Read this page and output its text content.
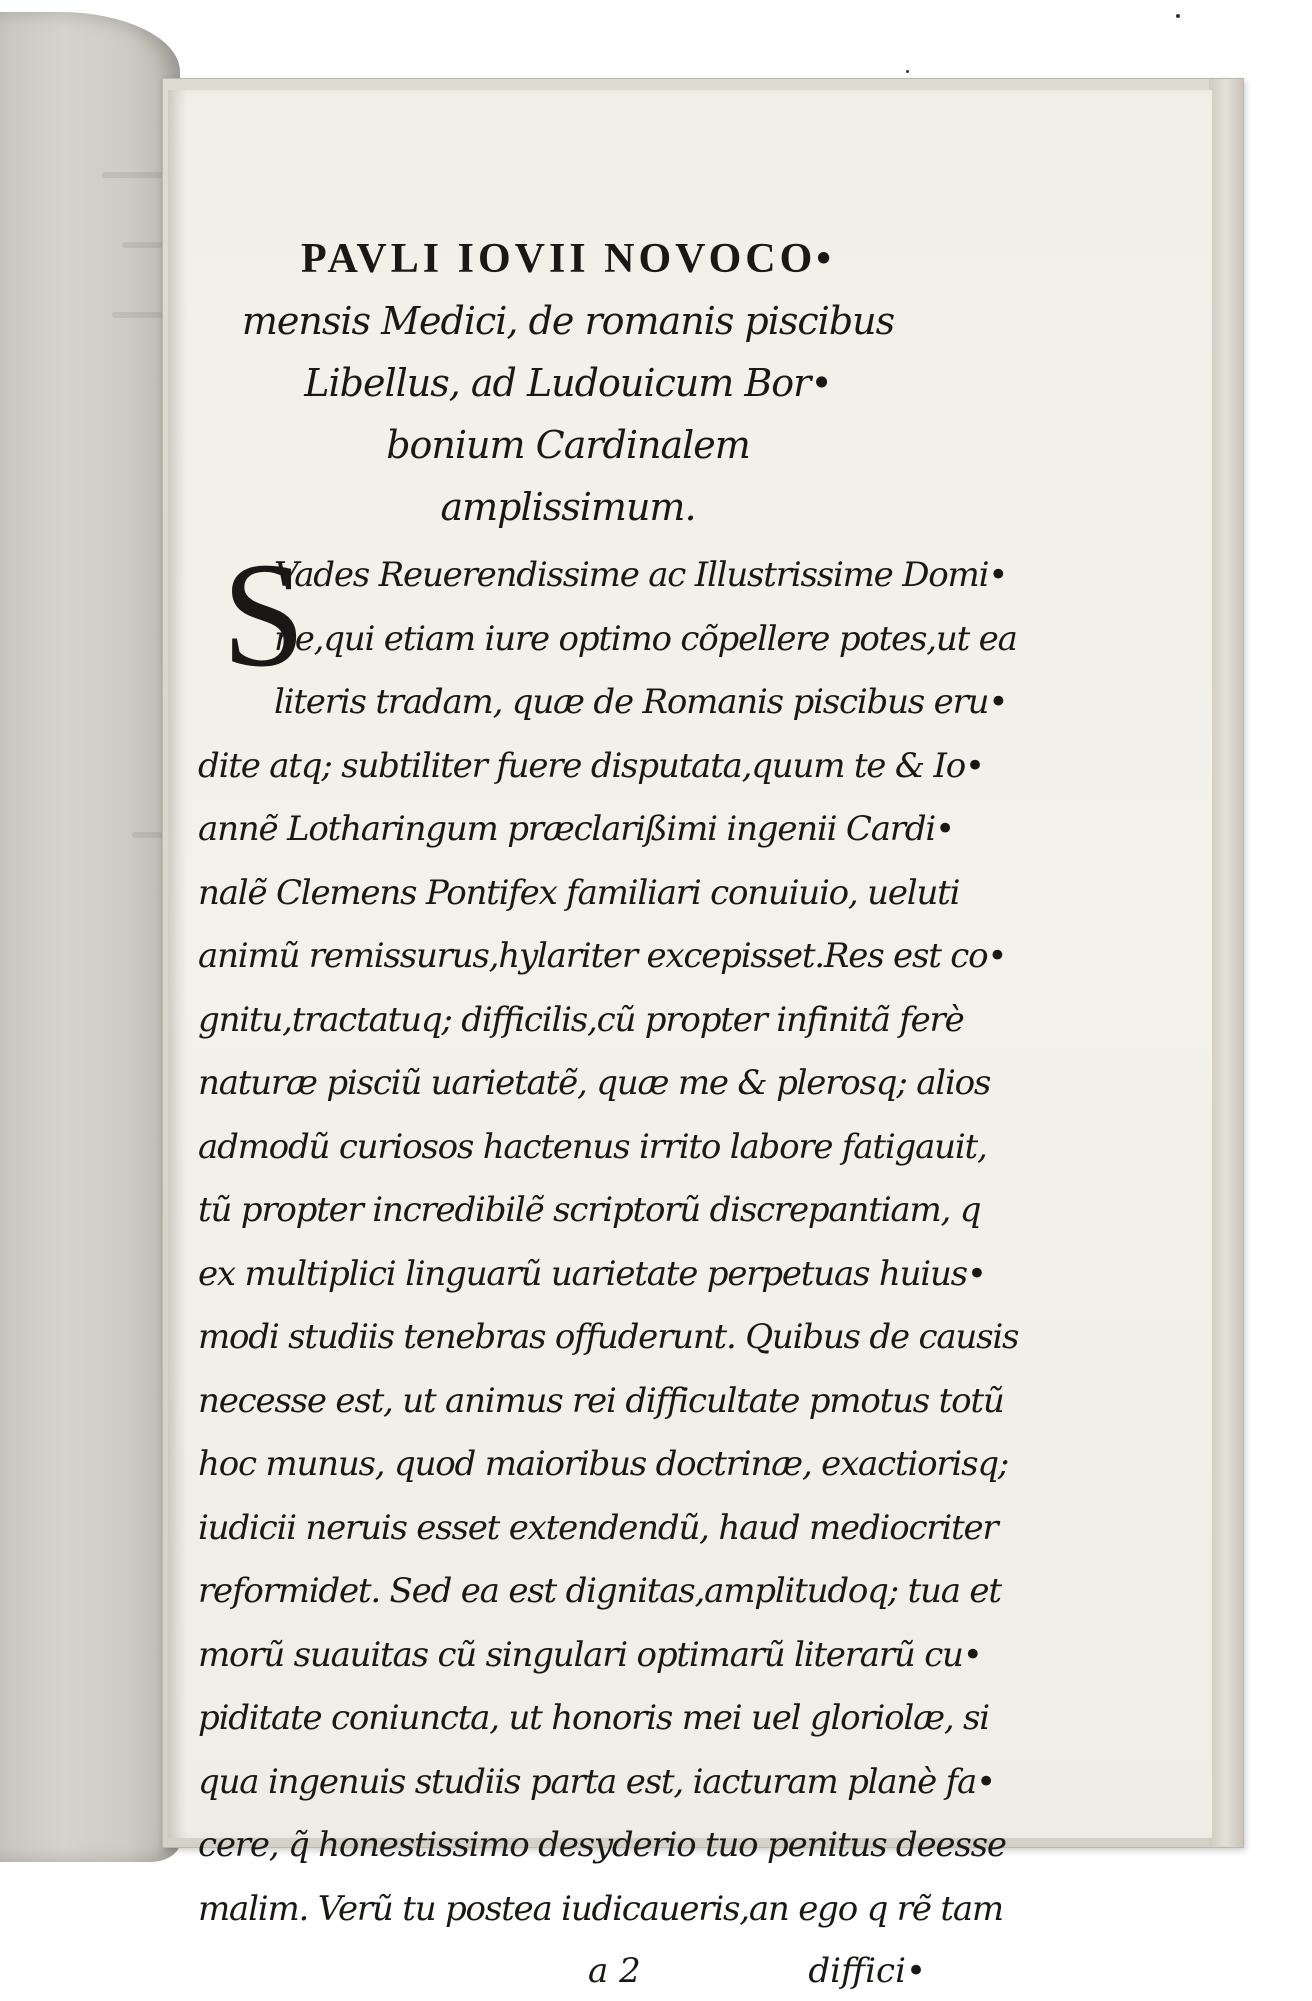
PAVLI IOVII NOVOCO•
mensis Medici, de romanis piscibus
Libellus, ad Ludouicum Bor•
bonium Cardinalem
amplissimum.
S
Vades Reuerendissime ac Illustrissime Domi•
ne,qui etiam iure optimo cõpellere potes,ut ea
literis tradam, quæ de Romanis piscibus eru•
dite atq; subtiliter fuere disputata,quum te & Io•
annẽ Lotharingum præclarißimi ingenii Cardi•
nalẽ Clemens Pontifex familiari conuiuio, ueluti
animũ remissurus,hylariter excepisset.Res est co•
gnitu,tractatuq; difficilis,cũ propter infinitã ferè
naturæ pisciũ uarietatẽ, quæ me & plerosq; alios
admodũ curiosos hactenus irrito labore fatigauit,
tũ propter incredibilẽ scriptorũ discrepantiam, q
ex multiplici linguarũ uarietate perpetuas huius•
modi studiis tenebras offuderunt. Quibus de causis
necesse est, ut animus rei difficultate pmotus totũ
hoc munus, quod maioribus doctrinæ, exactiorisq;
iudicii neruis esset extendendũ, haud mediocriter
reformidet. Sed ea est dignitas,amplitudoq; tua et
morũ suauitas cũ singulari optimarũ literarũ cu•
piditate coniuncta, ut honoris mei uel gloriolæ, si
qua ingenuis studiis parta est, iacturam planè fa•
cere, q̃ honestissimo desyderio tuo penitus deesse
malim. Verũ tu postea iudicaueris,an ego q rẽ tam
a 2	diffici•
